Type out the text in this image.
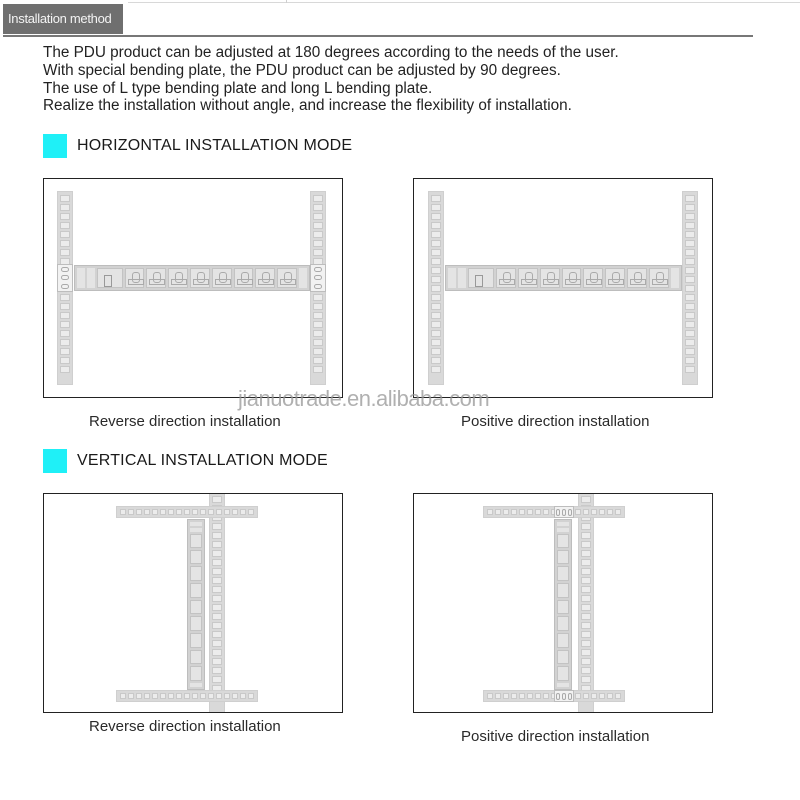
Installation method

The PDU product can be adjusted at 180 degrees according to the needs of the user.

With special bending plate, the PDU product can be adjusted by 90 degrees.

The use of L type bending plate and long L bending plate.

Realize the installation without angle, and increase the flexibility of installation.

HORIZONTAL INSTALLATION MODE
jianuotrade.en.alibaba.com
Reverse direction installation	Positive direction installation
VERTICAL INSTALLATION MODE
Reverse direction installation
Positive direction installation
